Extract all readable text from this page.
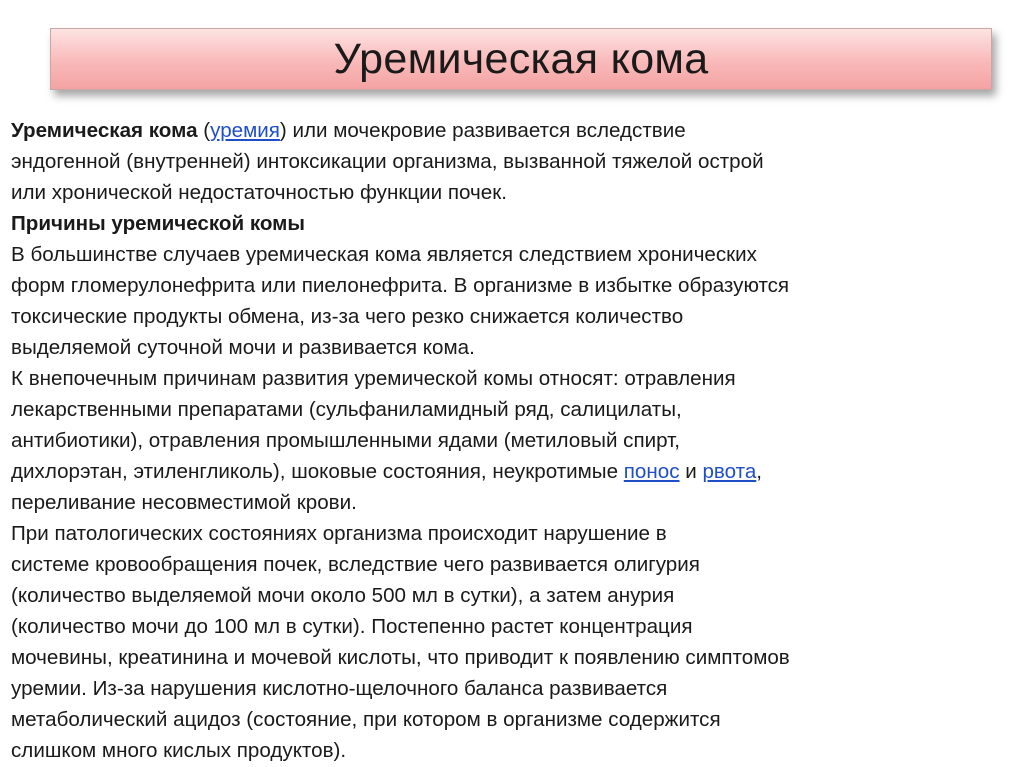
Уремическая кома
Уремическая кома (уремия) или мочекровие развивается вследствие
эндогенной (внутренней) интоксикации организма, вызванной тяжелой острой
или хронической недостаточностью функции почек.
Причины уремической комы
В большинстве случаев уремическая кома является следствием хронических
форм гломерулонефрита или пиелонефрита. В организме в избытке образуются
токсические продукты обмена, из-за чего резко снижается количество
выделяемой суточной мочи и развивается кома.
К внепочечным причинам развития уремической комы относят: отравления
лекарственными препаратами (сульфаниламидный ряд, салицилаты,
антибиотики), отравления промышленными ядами (метиловый спирт,
дихлорэтан, этиленгликоль), шоковые состояния, неукротимые понос и рвота,
переливание несовместимой крови.
При патологических состояниях организма происходит нарушение в
системе кровообращения почек, вследствие чего развивается олигурия
(количество выделяемой мочи около 500 мл в сутки), а затем анурия
(количество мочи до 100 мл в сутки). Постепенно растет концентрация
мочевины, креатинина и мочевой кислоты, что приводит к появлению симптомов
уремии. Из-за нарушения кислотно-щелочного баланса развивается
метаболический ацидоз (состояние, при котором в организме содержится
слишком много кислых продуктов).
